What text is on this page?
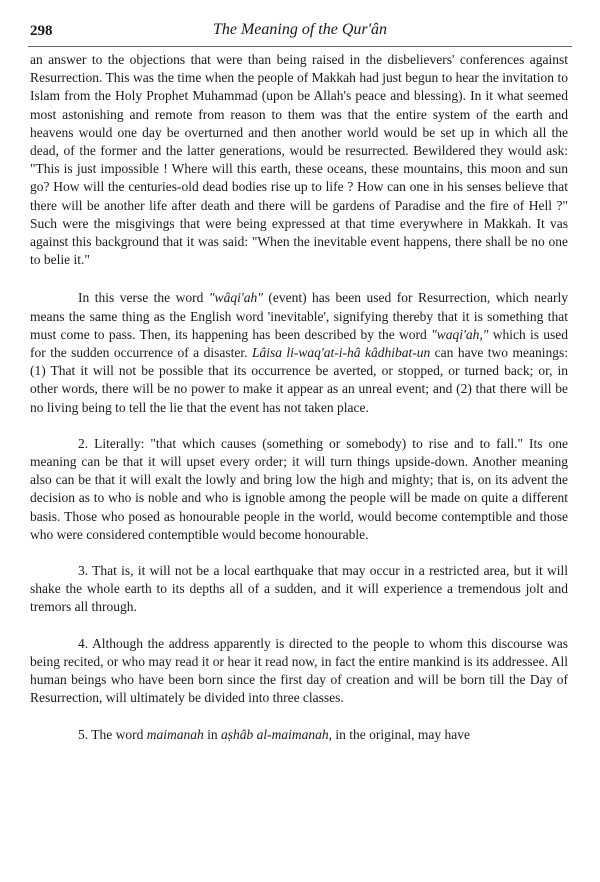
298	The Meaning of the Qur'ân

an answer to the objections that were than being raised in the disbelievers' conferences against Resurrection. This was the time when the people of Makkah had just begun to hear the invitation to Islam from the Holy Prophet Muhammad (upon be Allah's peace and blessing). In it what seemed most astonishing and remote from reason to them was that the entire system of the earth and heavens would one day be overturned and then another world would be set up in which all the dead, of the former and the latter generations, would be resurrected. Bewildered they would ask: "This is just impossible ! Where will this earth, these oceans, these mountains, this moon and sun go? How will the centuries-old dead bodies rise up to life ? How can one in his senses believe that there will be another life after death and there will be gardens of Paradise and the fire of Hell ?" Such were the misgivings that were being expressed at that time everywhere in Makkah. It vas against this background that it was said: "When the inevitable event happens, there shall be no one to belie it."

In this verse the word "wâqi'ah" (event) has been used for Resurrection, which nearly means the same thing as the English word 'inevitable', signifying thereby that it is something that must come to pass. Then, its happening has been described by the word "waqi'ah," which is used for the sudden occurrence of a disaster. Lâisa li-waq'at-i-hâ kâdhibat-un can have two meanings: (1) That it will not be possible that its occurrence be averted, or stopped, or turned back; or, in other words, there will be no power to make it appear as an unreal event; and (2) that there will be no living being to tell the lie that the event has not taken place.

2. Literally: "that which causes (something or somebody) to rise and to fall." Its one meaning can be that it will upset every order; it will turn things upside-down. Another meaning also can be that it will exalt the lowly and bring low the high and mighty; that is, on its advent the decision as to who is noble and who is ignoble among the people will be made on quite a different basis. Those who posed as honourable people in the world, would become contemptible and those who were considered contemptible would become honourable.

3. That is, it will not be a local earthquake that may occur in a restricted area, but it will shake the whole earth to its depths all of a sudden, and it will experience a tremendous jolt and tremors all through.

4. Although the address apparently is directed to the people to whom this discourse was being recited, or who may read it or hear it read now, in fact the entire mankind is its addressee. All human beings who have been born since the first day of creation and will be born till the Day of Resurrection, will ultimately be divided into three classes.

5. The word maimanah in aṣhâb al-maimanah, in the original, may have
